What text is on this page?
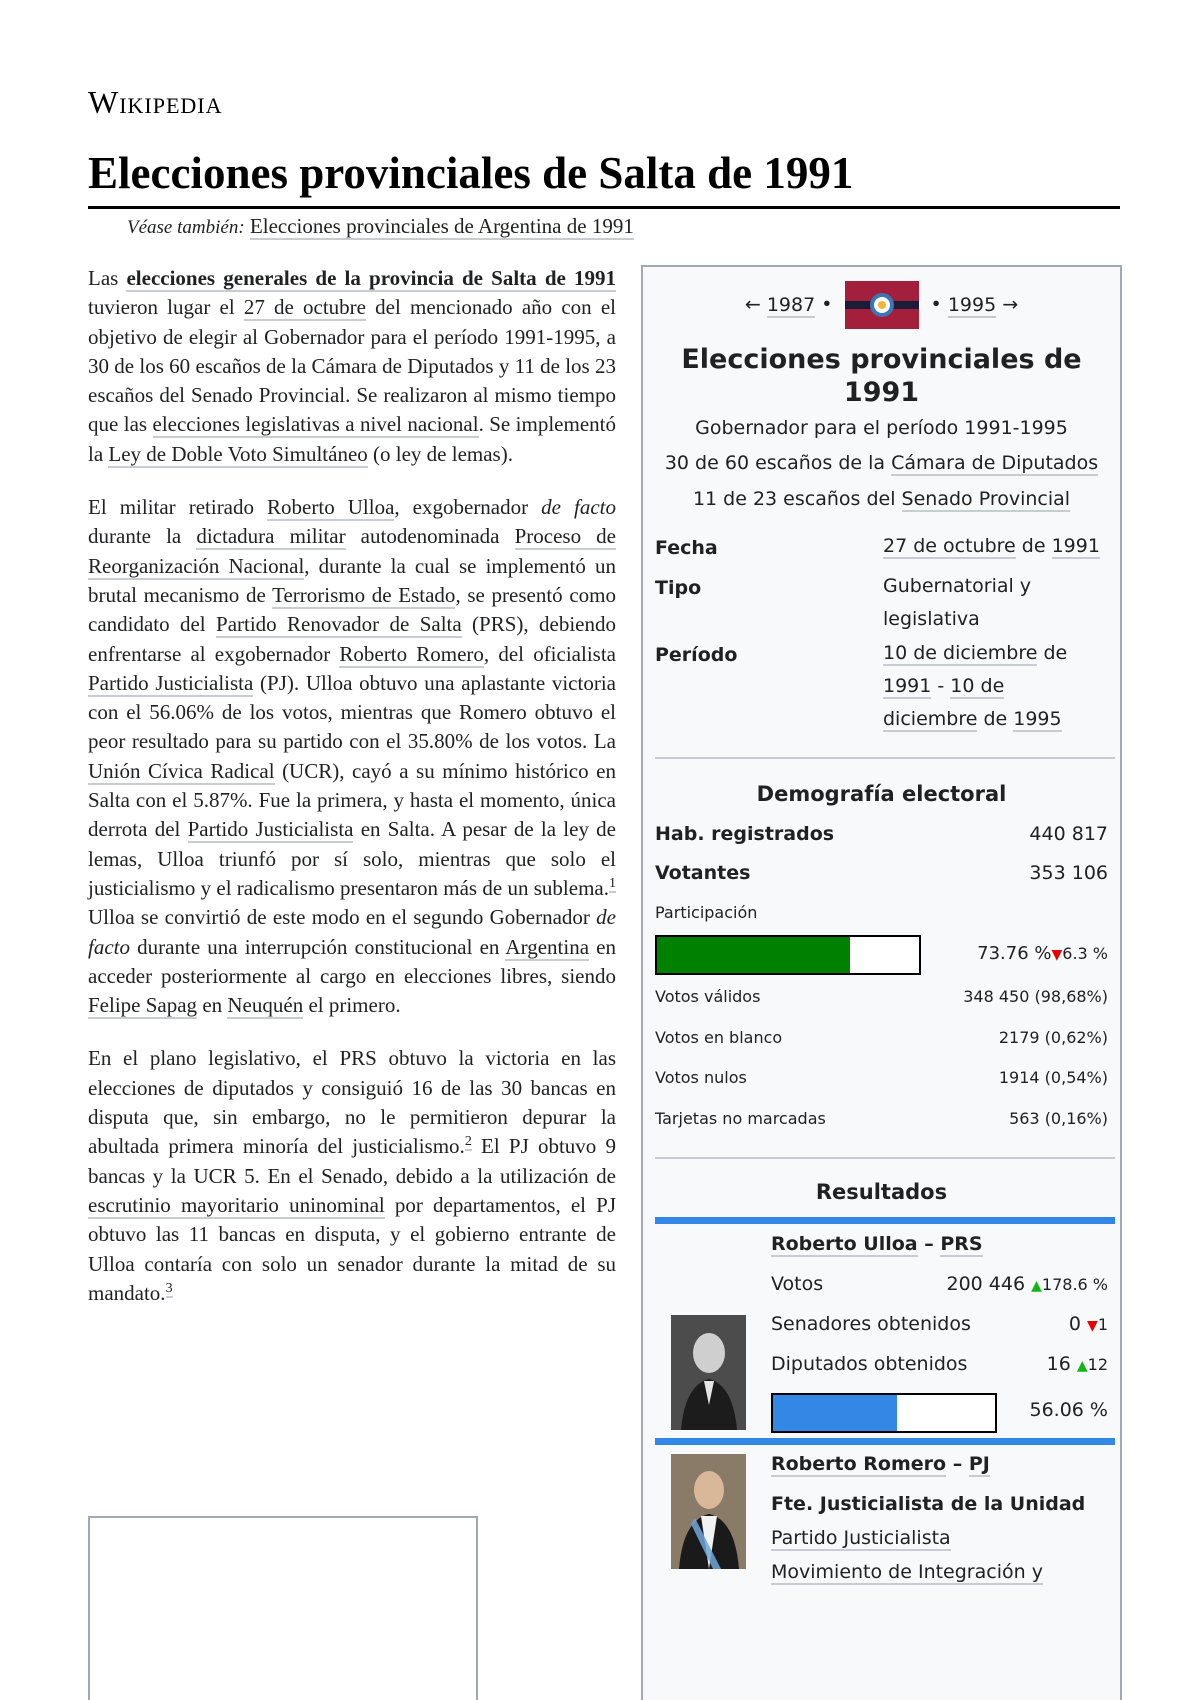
Wikipedia
Elecciones provinciales de Salta de 1991
Véase también: Elecciones provinciales de Argentina de 1991

Las elecciones generales de la provincia de Salta de 1991 tuvieron lugar el 27 de octubre del mencionado año con el objetivo de elegir al Gobernador para el período 1991-1995, a 30 de los 60 escaños de la Cámara de Diputados y 11 de los 23 escaños del Senado Provincial. Se realizaron al mismo tiempo que las elecciones legislativas a nivel nacional. Se implementó la Ley de Doble Voto Simultáneo (o ley de lemas).

El militar retirado Roberto Ulloa, exgobernador de facto durante la dictadura militar autodenominada Proceso de Reorganización Nacional, durante la cual se implementó un brutal mecanismo de Terrorismo de Estado, se presentó como candidato del Partido Renovador de Salta (PRS), debiendo enfrentarse al exgobernador Roberto Romero, del oficialista Partido Justicialista (PJ). Ulloa obtuvo una aplastante victoria con el 56.06% de los votos, mientras que Romero obtuvo el peor resultado para su partido con el 35.80% de los votos. La Unión Cívica Radical (UCR), cayó a su mínimo histórico en Salta con el 5.87%. Fue la primera, y hasta el momento, única derrota del Partido Justicialista en Salta. A pesar de la ley de lemas, Ulloa triunfó por sí solo, mientras que solo el justicialismo y el radicalismo presentaron más de un sublema.$^1$ Ulloa se convirtió de este modo en el segundo Gobernador de facto durante una interrupción constitucional en Argentina en acceder posteriormente al cargo en elecciones libres, siendo Felipe Sapag en Neuquén el primero.

En el plano legislativo, el PRS obtuvo la victoria en las elecciones de diputados y consiguió 16 de las 30 bancas en disputa que, sin embargo, no le permitieron depurar la abultada primera minoría del justicialismo.$^2$ El PJ obtuvo 9 bancas y la UCR 5. En el Senado, debido a la utilización de escrutinio mayoritario uninominal por departamentos, el PJ obtuvo las 11 bancas en disputa, y el gobierno entrante de Ulloa contaría con solo un senador durante la mitad de su mandato.$^3$

← 1987 •	• 1995 →
Elecciones provinciales de 1991
Gobernador para el período 1991-1995
30 de 60 escaños de la Cámara de Diputados
11 de 23 escaños del Senado Provincial
Fecha	27 de octubre de 1991
Tipo	Gubernatorial y legislativa
Período	10 de diciembre de 1991 - 10 de diciembre de 1995
Demografía electoral
Hab. registrados	440 817
Votantes	353 106
Participación
73.76 %▼6.3 %
Votos válidos	348 450 (98,68%)
Votos en blanco	2179 (0,62%)
Votos nulos	1914 (0,54%)
Tarjetas no marcadas	563 (0,16%)
Resultados
Roberto Ulloa – PRS
Votos	200 446 ▲178.6 %
Senadores obtenidos	0 ▼1
Diputados obtenidos	16 ▲12
56.06 %
Roberto Romero – PJ
Fte. Justicialista de la Unidad
Partido Justicialista
Movimiento de Integración y
